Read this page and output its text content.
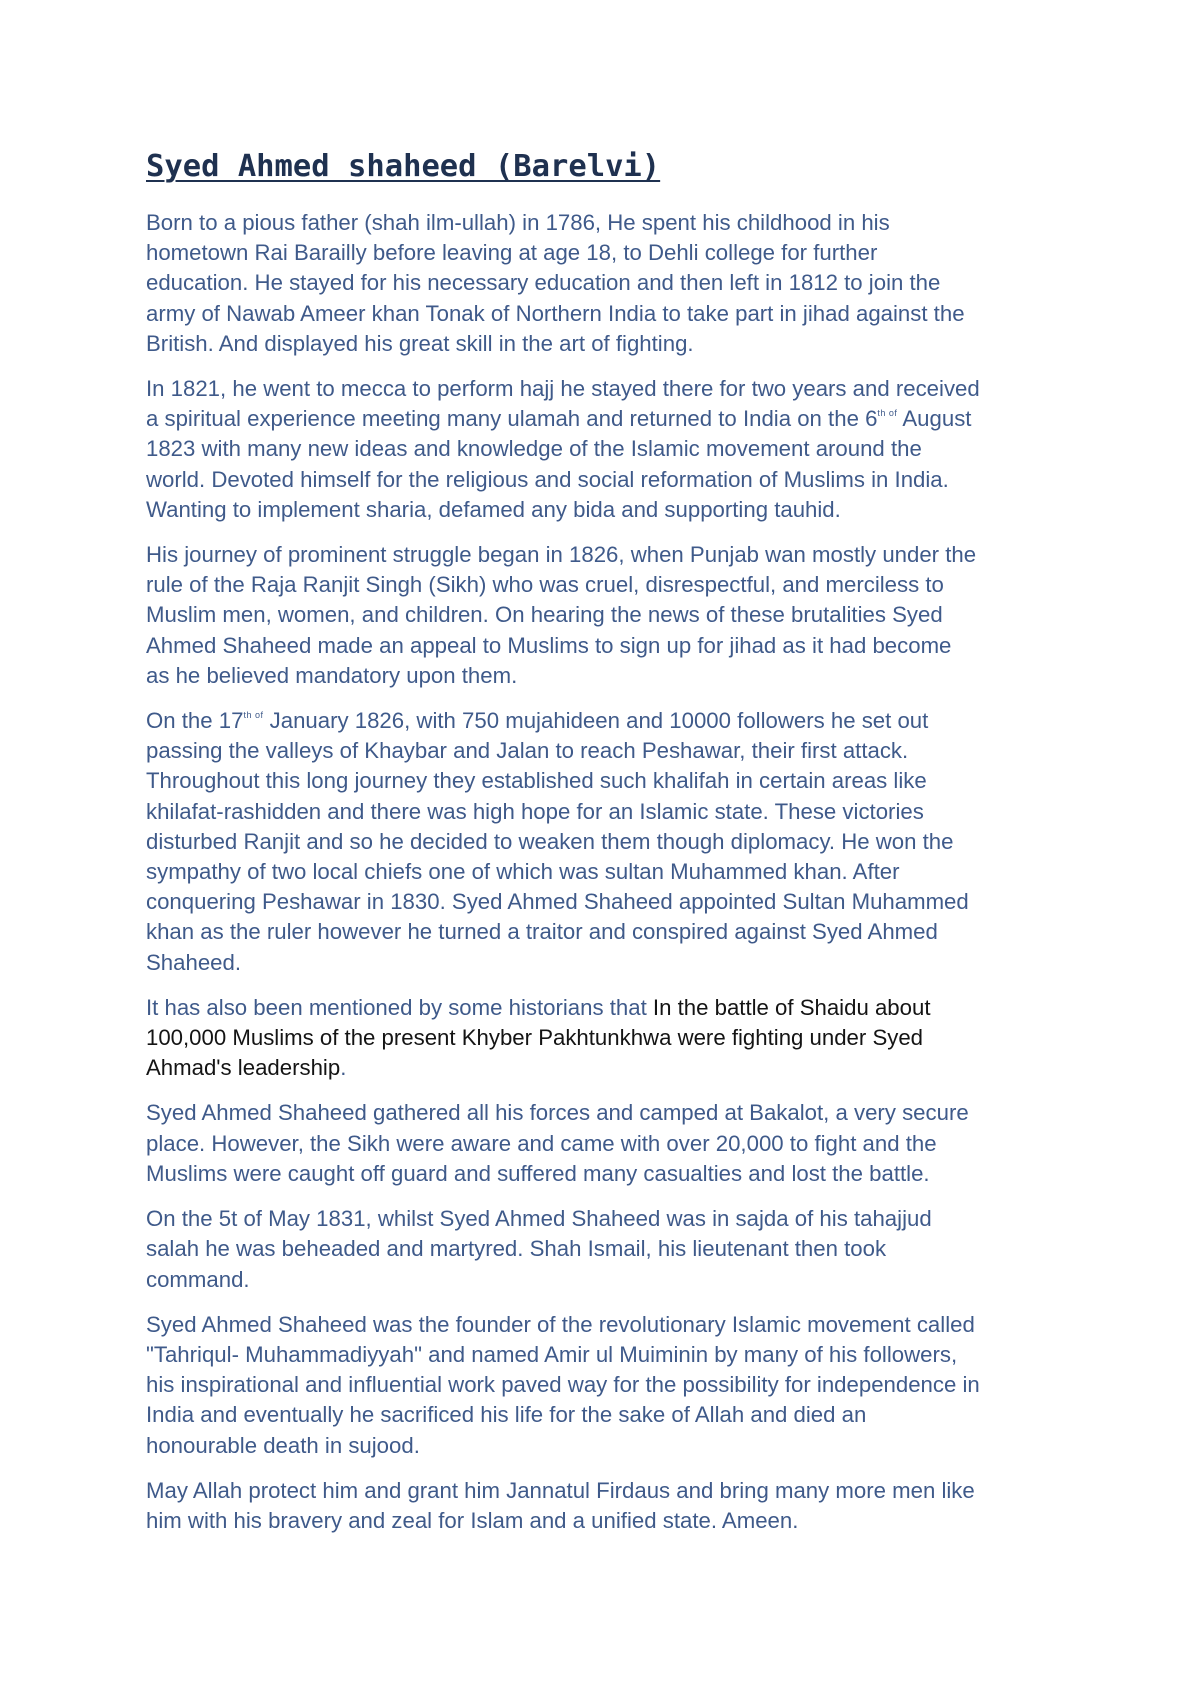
Syed Ahmed shaheed (Barelvi)

Born to a pious father (shah ilm-ullah) in 1786, He spent his childhood in his
hometown Rai Barailly before leaving at age 18, to Dehli college for further
education. He stayed for his necessary education and then left in 1812 to join the
army of Nawab Ameer khan Tonak of Northern India to take part in jihad against the
British. And displayed his great skill in the art of fighting.

In 1821, he went to mecca to perform hajj he stayed there for two years and received
a spiritual experience meeting many ulamah and returned to India on the $6^{th of}$ August
1823 with many new ideas and knowledge of the Islamic movement around the
world. Devoted himself for the religious and social reformation of Muslims in India.
Wanting to implement sharia, defamed any bida and supporting tauhid.

His journey of prominent struggle began in 1826, when Punjab wan mostly under the
rule of the Raja Ranjit Singh (Sikh) who was cruel, disrespectful, and merciless to
Muslim men, women, and children. On hearing the news of these brutalities Syed
Ahmed Shaheed made an appeal to Muslims to sign up for jihad as it had become
as he believed mandatory upon them.

On the $17^{th of}$ January 1826, with 750 mujahideen and 10000 followers he set out
passing the valleys of Khaybar and Jalan to reach Peshawar, their first attack.
Throughout this long journey they established such khalifah in certain areas like
khilafat-rashidden and there was high hope for an Islamic state. These victories
disturbed Ranjit and so he decided to weaken them though diplomacy. He won the
sympathy of two local chiefs one of which was sultan Muhammed khan. After
conquering Peshawar in 1830. Syed Ahmed Shaheed appointed Sultan Muhammed
khan as the ruler however he turned a traitor and conspired against Syed Ahmed
Shaheed.

It has also been mentioned by some historians that In the battle of Shaidu about
100,000 Muslims of the present Khyber Pakhtunkhwa were fighting under Syed
Ahmad's leadership.

Syed Ahmed Shaheed gathered all his forces and camped at Bakalot, a very secure
place. However, the Sikh were aware and came with over 20,000 to fight and the
Muslims were caught off guard and suffered many casualties and lost the battle.

On the 5t of May 1831, whilst Syed Ahmed Shaheed was in sajda of his tahajjud
salah he was beheaded and martyred. Shah Ismail, his lieutenant then took
command.

Syed Ahmed Shaheed was the founder of the revolutionary Islamic movement called
"Tahriqul- Muhammadiyyah" and named Amir ul Muiminin by many of his followers,
his inspirational and influential work paved way for the possibility for independence in
India and eventually he sacrificed his life for the sake of Allah and died an
honourable death in sujood.

May Allah protect him and grant him Jannatul Firdaus and bring many more men like
him with his bravery and zeal for Islam and a unified state. Ameen.
